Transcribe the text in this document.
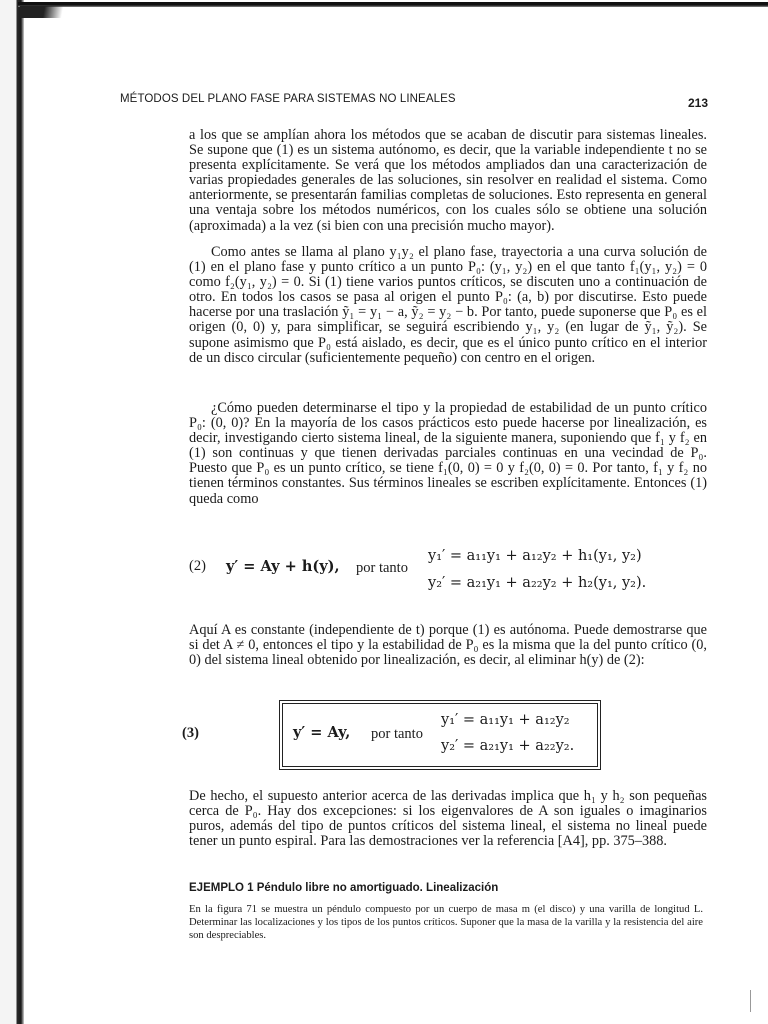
MÉTODOS DEL PLANO FASE PARA SISTEMAS NO LINEALES	213

a los que se amplían ahora los métodos que se acaban de discutir para sistemas lineales. Se supone que (1) es un sistema autónomo, es decir, que la variable independiente t no se presenta explícitamente. Se verá que los métodos ampliados dan una caracterización de varias propiedades generales de las soluciones, sin resolver en realidad el sistema. Como anteriormente, se presentarán familias completas de soluciones. Esto representa en general una ventaja sobre los métodos numéricos, con los cuales sólo se obtiene una solución (aproximada) a la vez (si bien con una precisión mucho mayor).

Como antes se llama al plano y₁y₂ el plano fase, trayectoria a una curva solución de (1) en el plano fase y punto crítico a un punto P₀: (y₁, y₂) en el que tanto f₁(y₁, y₂) = 0 como f₂(y₁, y₂) = 0. Si (1) tiene varios puntos críticos, se discuten uno a continuación de otro. En todos los casos se pasa al origen el punto P₀: (a, b) por discutirse. Esto puede hacerse por una traslación ỹ₁ = y₁ − a, ỹ₂ = y₂ − b. Por tanto, puede suponerse que P₀ es el origen (0, 0) y, para simplificar, se seguirá escribiendo y₁, y₂ (en lugar de ỹ₁, ỹ₂). Se supone asimismo que P₀ está aislado, es decir, que es el único punto crítico en el interior de un disco circular (suficientemente pequeño) con centro en el origen.

¿Cómo pueden determinarse el tipo y la propiedad de estabilidad de un punto crítico P₀: (0, 0)? En la mayoría de los casos prácticos esto puede hacerse por linealización, es decir, investigando cierto sistema lineal, de la siguiente manera, suponiendo que f₁ y f₂ en (1) son continuas y que tienen derivadas parciales continuas en una vecindad de P₀. Puesto que P₀ es un punto crítico, se tiene f₁(0, 0) = 0 y f₂(0, 0) = 0. Por tanto, f₁ y f₂ no tienen términos constantes. Sus términos lineales se escriben explícitamente. Entonces (1) queda como

(2) y′ = Ay + h(y), por tanto
y₁′ = a₁₁y₁ + a₁₂y₂ + h₁(y₁, y₂)
y₂′ = a₂₁y₁ + a₂₂y₂ + h₂(y₁, y₂).

Aquí A es constante (independiente de t) porque (1) es autónoma. Puede demostrarse que si det A ≠ 0, entonces el tipo y la estabilidad de P₀ es la misma que la del punto crítico (0, 0) del sistema lineal obtenido por linealización, es decir, al eliminar h(y) de (2):

(3)	y′ = Ay, por tanto
y₁′ = a₁₁y₁ + a₁₂y₂
y₂′ = a₂₁y₁ + a₂₂y₂.

De hecho, el supuesto anterior acerca de las derivadas implica que h₁ y h₂ son pequeñas cerca de P₀. Hay dos excepciones: si los eigenvalores de A son iguales o imaginarios puros, además del tipo de puntos críticos del sistema lineal, el sistema no lineal puede tener un punto espiral. Para las demostraciones ver la referencia [A4], pp. 375–388.

EJEMPLO 1 Péndulo libre no amortiguado. Linealización
En la figura 71 se muestra un péndulo compuesto por un cuerpo de masa m (el disco) y una varilla de longitud L. Determinar las localizaciones y los tipos de los puntos críticos. Suponer que la masa de la varilla y la resistencia del aire son despreciables.
